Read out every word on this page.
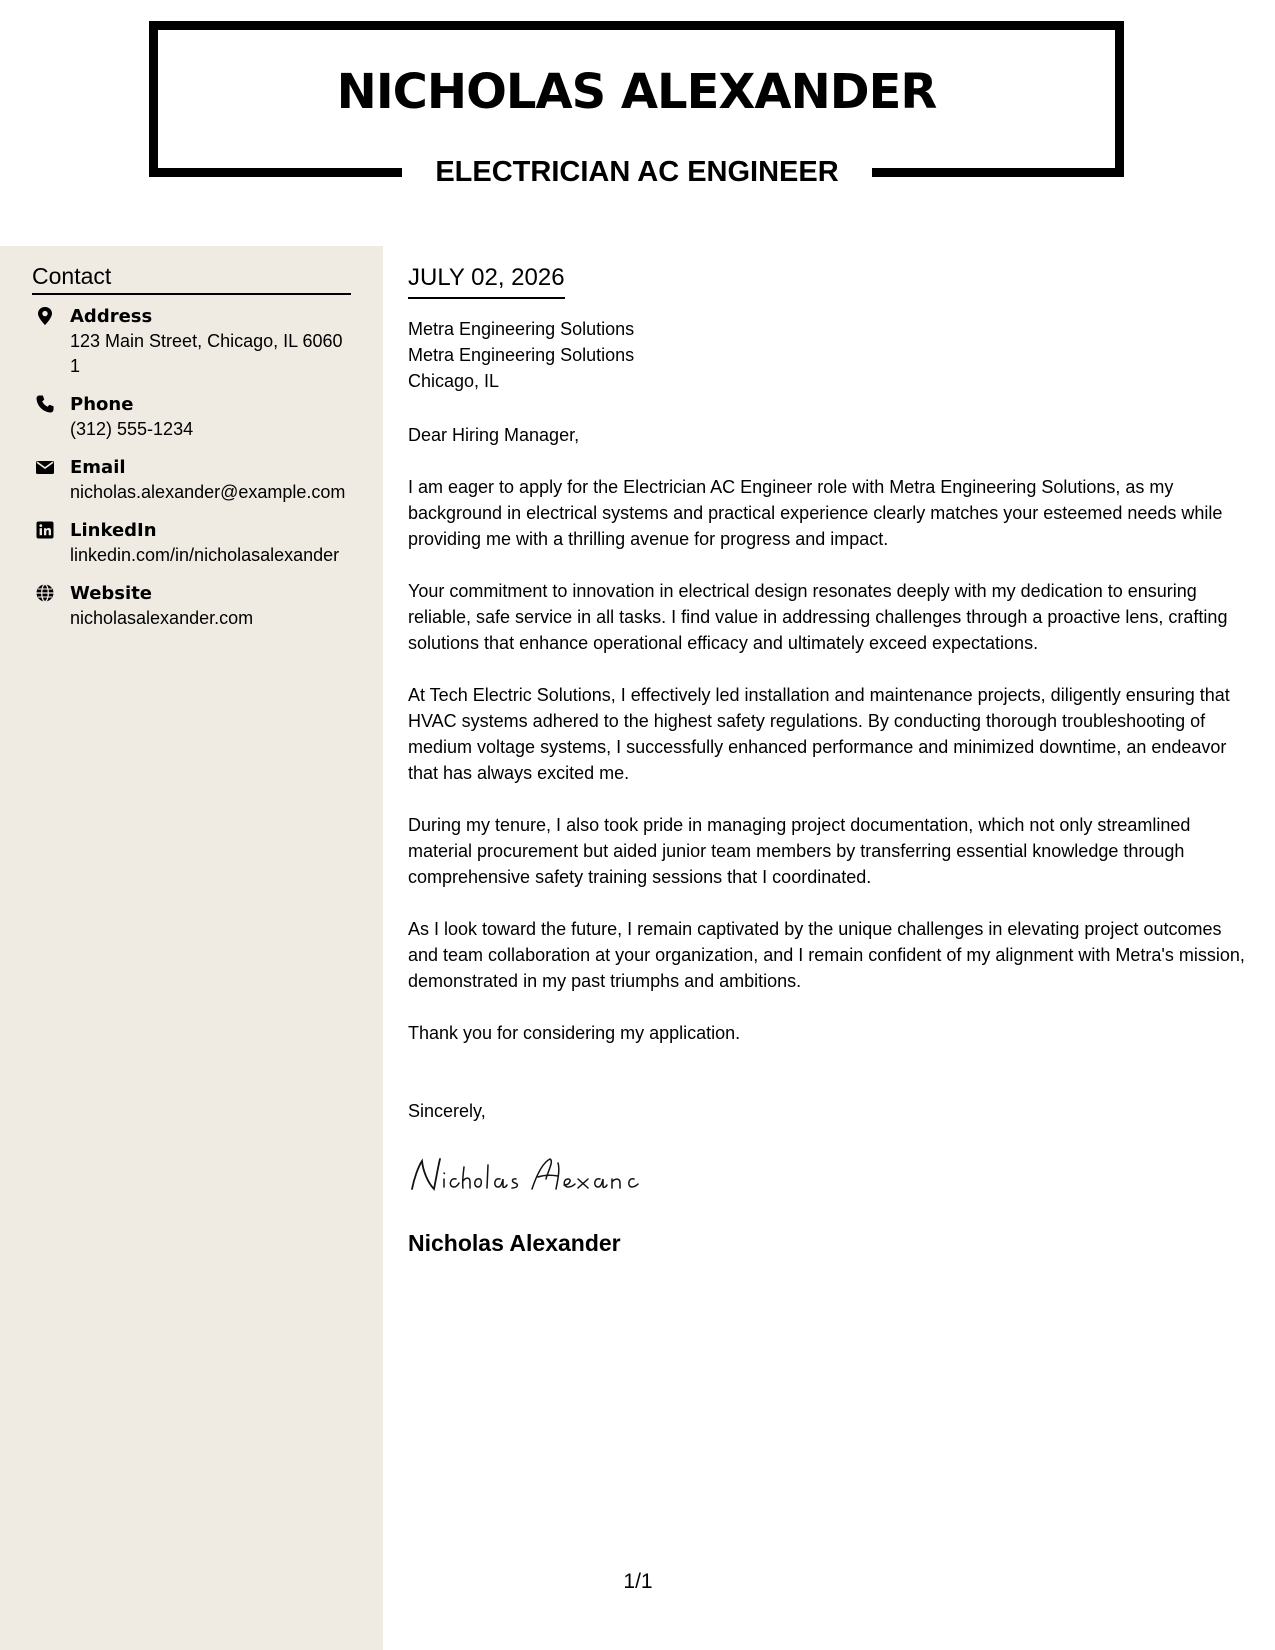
NICHOLAS ALEXANDER
ELECTRICIAN AC ENGINEER
Contact
Address
123 Main Street, Chicago, IL 60601
Phone
(312) 555-1234
Email
nicholas.alexander@example.com
LinkedIn
linkedin.com/in/nicholasalexander
Website
nicholasalexander.com
JULY 02, 2026
Metra Engineering Solutions
Metra Engineering Solutions
Chicago, IL
Dear Hiring Manager,

I am eager to apply for the Electrician AC Engineer role with Metra Engineering Solutions, as my background in electrical systems and practical experience clearly matches your esteemed needs while providing me with a thrilling avenue for progress and impact.

Your commitment to innovation in electrical design resonates deeply with my dedication to ensuring reliable, safe service in all tasks. I find value in addressing challenges through a proactive lens, crafting solutions that enhance operational efficacy and ultimately exceed expectations.

At Tech Electric Solutions, I effectively led installation and maintenance projects, diligently ensuring that HVAC systems adhered to the highest safety regulations. By conducting thorough troubleshooting of medium voltage systems, I successfully enhanced performance and minimized downtime, an endeavor that has always excited me.

During my tenure, I also took pride in managing project documentation, which not only streamlined material procurement but aided junior team members by transferring essential knowledge through comprehensive safety training sessions that I coordinated.

As I look toward the future, I remain captivated by the unique challenges in elevating project outcomes and team collaboration at your organization, and I remain confident of my alignment with Metra's mission, demonstrated in my past triumphs and ambitions.

Thank you for considering my application.

Sincerely,
Nicholas Alexander
1/1
